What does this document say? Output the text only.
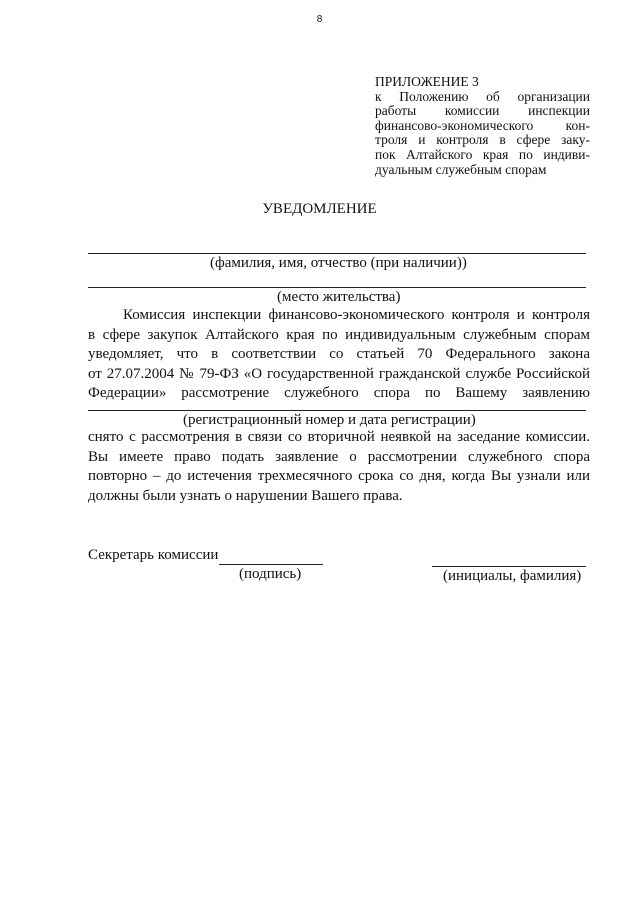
8
ПРИЛОЖЕНИЕ 3
к Положению об организации
работы комиссии инспекции
финансово-экономического кон-
троля и контроля в сфере заку-
пок Алтайского края по индиви-
дуальным служебным спорам
УВЕДОМЛЕНИЕ
(фамилия, имя, отчество (при наличии))
(место жительства)
Комиссия инспекции финансово-экономического контроля и контроля
в сфере закупок Алтайского края по индивидуальным служебным спорам
уведомляет, что в соответствии со статьей 70 Федерального закона
от 27.07.2004 № 79-ФЗ «О государственной гражданской службе Российской
Федерации» рассмотрение служебного спора по Вашему заявлению
(регистрационный номер и дата регистрации)
снято с рассмотрения в связи со вторичной неявкой на заседание комиссии.
Вы имеете право подать заявление о рассмотрении служебного спора
повторно – до истечения трехмесячного срока со дня, когда Вы узнали или
должны были узнать о нарушении Вашего права.
Секретарь комиссии
(подпись)	(инициалы, фамилия)
